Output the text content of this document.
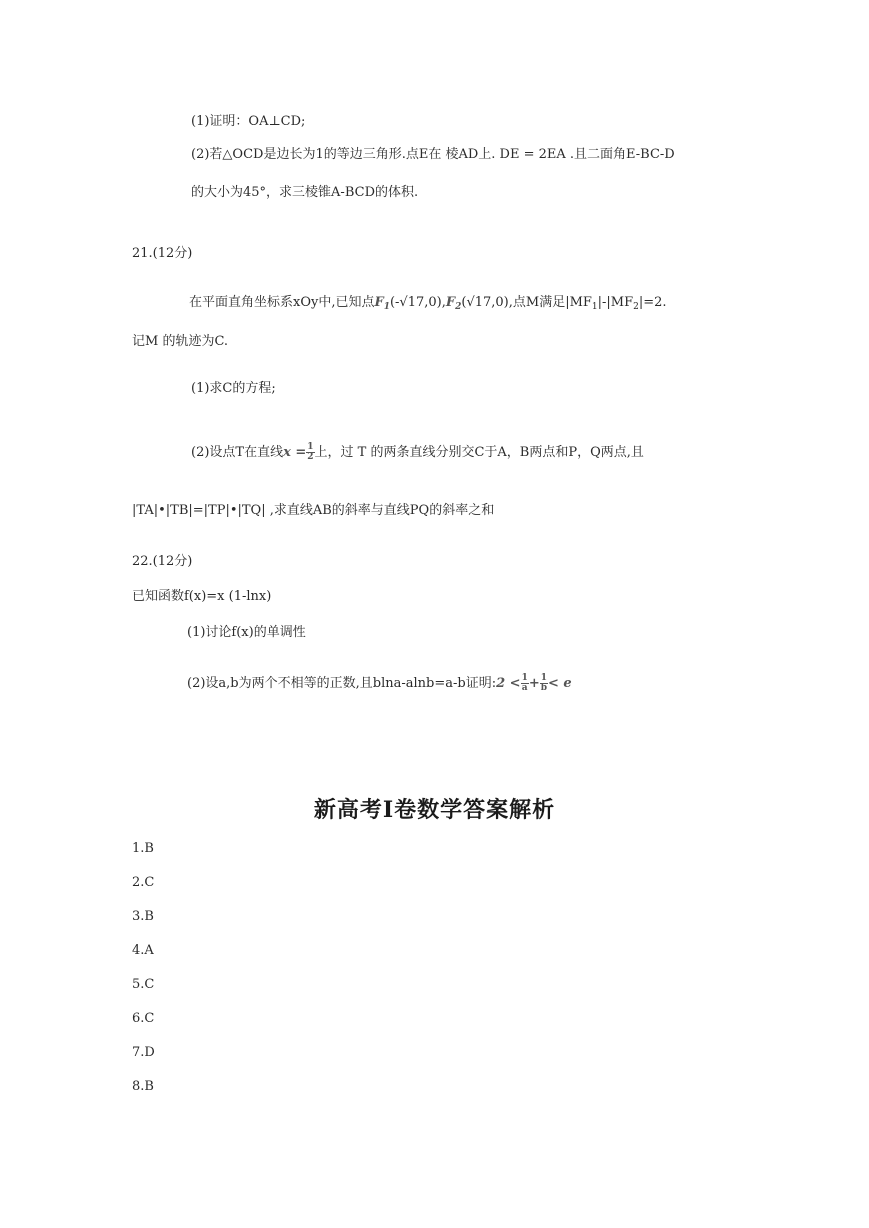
(1)证明：OA⊥CD;
(2)若△OCD是边长为1的等边三角形.点E在 棱AD上. DE = 2EA .且二面角E-BC-D
的大小为45°，求三棱锥A-BCD的体积.
21.(12分)
在平面直角坐标系xOy中,已知点$F_1(-√17,0),F_2(√17,0)$,点M满足$|MF_1|-|MF_2|=2$.
记M 的轨迹为C.
(1)求C的方程;
(2)设点T在直线$x = \frac{1}{2}$ 上，过 T 的两条直线分别交C于A，B两点和P，Q两点,且
|TA|•|TB|=|TP|•|TQ| ,求直线AB的斜率与直线PQ的斜率之和
22.(12分)
已知函数f(x)=x (1-lnx)
(1)讨论f(x)的单调性
(2)设a,b为两个不相等的正数,且blna-alnb=a-b证明:2 < $\frac{1}{a} + \frac{1}{b} < e$
新高考Ⅰ卷数学答案解析
1.B
2.C
3.B
4.A
5.C
6.C
7.D
8.B
